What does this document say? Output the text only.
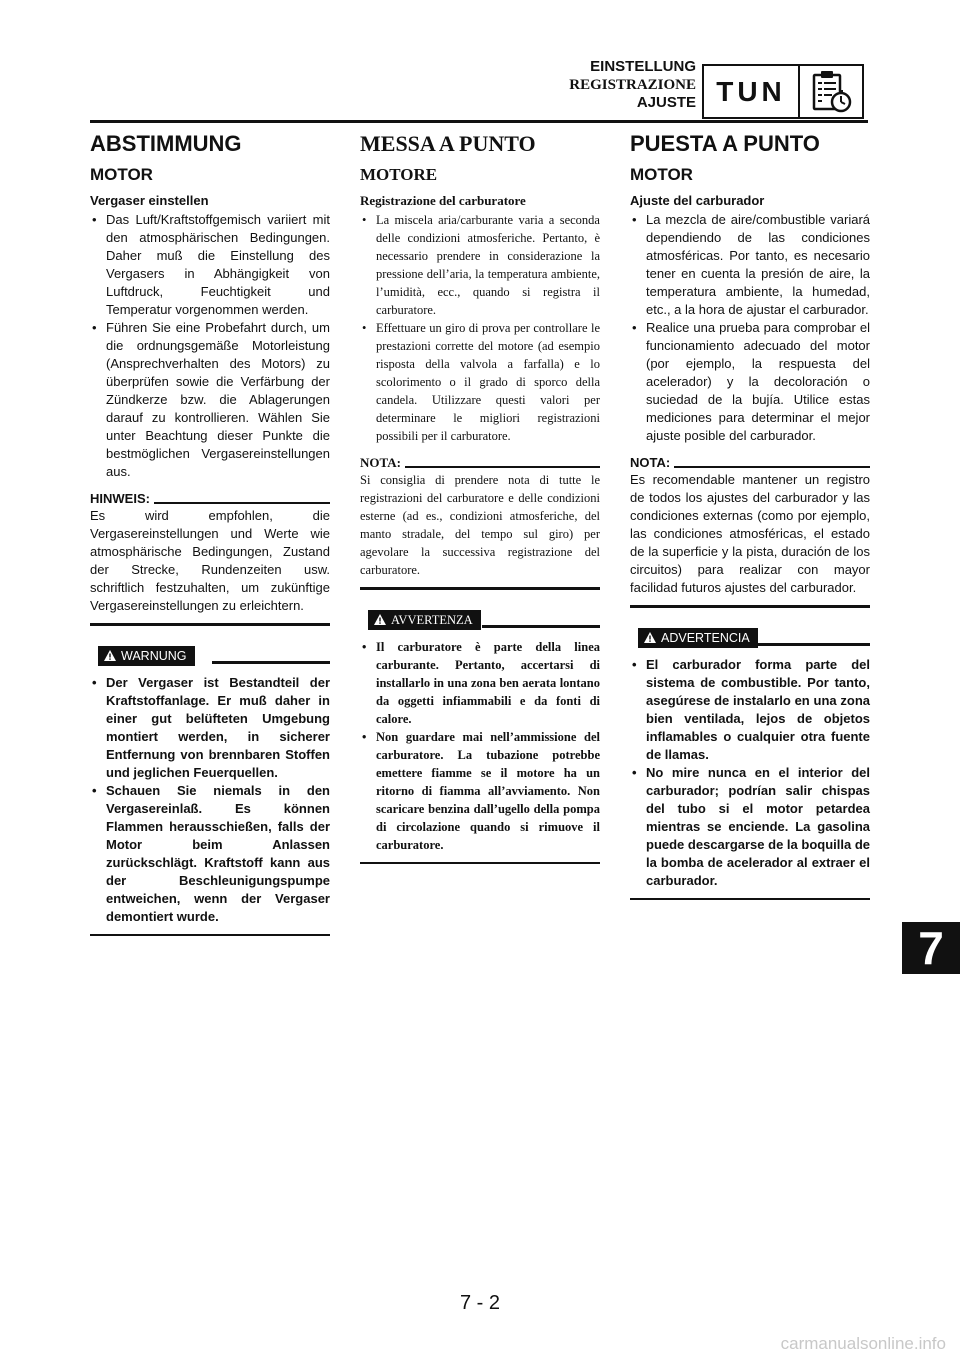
EINSTELLUNG
REGISTRAZIONE
AJUSTE TUN
ABSTIMMUNG
MOTOR
Vergaser einstellen
• Das Luft/Kraftstoffgemisch variiert mit den atmosphärischen Bedingungen. Daher muß die Einstellung des Vergasers in Abhängigkeit von Luftdruck, Feuchtigkeit und Temperatur vorgenommen werden.
• Führen Sie eine Probefahrt durch, um die ordnungsgemäße Motorleistung (Ansprechverhalten des Motors) zu überprüfen sowie die Verfärbung der Zündkerze bzw. die Ablagerungen darauf zu kontrollieren. Wählen Sie unter Beachtung dieser Punkte die bestmöglichen Vergasereinstellungen aus.
HINWEIS:
Es wird empfohlen, die Vergasereinstellungen und Werte wie atmosphärische Bedingungen, Zustand der Strecke, Rundenzeiten usw. schriftlich festzuhalten, um zukünftige Vergasereinstellungen zu erleichtern.
WARNUNG
• Der Vergaser ist Bestandteil der Kraftstoffanlage. Er muß daher in einer gut belüfteten Umgebung montiert werden, in sicherer Entfernung von brennbaren Stoffen und jeglichen Feuerquellen.
• Schauen Sie niemals in den Vergasereinlaß. Es können Flammen herausschießen, falls der Motor beim Anlassen zurückschlägt. Kraftstoff kann aus der Beschleunigungspumpe entweichen, wenn der Vergaser demontiert wurde.
MESSA A PUNTO
MOTORE
Registrazione del carburatore
• La miscela aria/carburante varia a seconda delle condizioni atmosferiche. Pertanto, è necessario prendere in considerazione la pressione dell’aria, la temperatura ambiente, l’umidità, ecc., quando si registra il carburatore.
• Effettuare un giro di prova per controllare le prestazioni corrette del motore (ad esempio risposta della valvola a farfalla) e lo scolorimento o il grado di sporco della candela. Utilizzare questi valori per determinare le migliori registrazioni possibili per il carburatore.
NOTA:
Si consiglia di prendere nota di tutte le registrazioni del carburatore e delle condizioni esterne (ad es., condizioni atmosferiche, del manto stradale, del tempo sul giro) per agevolare la successiva registrazione del carburatore.
AVVERTENZA
• Il carburatore è parte della linea carburante. Pertanto, accertarsi di installarlo in una zona ben aerata lontano da oggetti infiammabili e da fonti di calore.
• Non guardare mai nell’ammissione del carburatore. La tubazione potrebbe emettere fiamme se il motore ha un ritorno di fiamma all’avviamento. Non scaricare benzina dall’ugello della pompa di circolazione quando si rimuove il carburatore.
PUESTA A PUNTO
MOTOR
Ajuste del carburador
• La mezcla de aire/combustible variará dependiendo de las condiciones atmosféricas. Por tanto, es necesario tener en cuenta la presión de aire, la temperatura ambiente, la humedad, etc., a la hora de ajustar el carburador.
• Realice una prueba para comprobar el funcionamiento adecuado del motor (por ejemplo, la respuesta del acelerador) y la decoloración o suciedad de la bujía. Utilice estas mediciones para determinar el mejor ajuste posible del carburador.
NOTA:
Es recomendable mantener un registro de todos los ajustes del carburador y las condiciones externas (como por ejemplo, las condiciones atmosféricas, el estado de la superficie y la pista, duración de los circuitos) para realizar con mayor facilidad futuros ajustes del carburador.
ADVERTENCIA
• El carburador forma parte del sistema de combustible. Por tanto, asegúrese de instalarlo en una zona bien ventilada, lejos de objetos inflamables o cualquier otra fuente de llamas.
• No mire nunca en el interior del carburador; podrían salir chispas del tubo si el motor petardea mientras se enciende. La gasolina puede descargarse de la boquilla de la bomba de acelerador al extraer el carburador.
7
7 - 2
carmanualsonline.info
